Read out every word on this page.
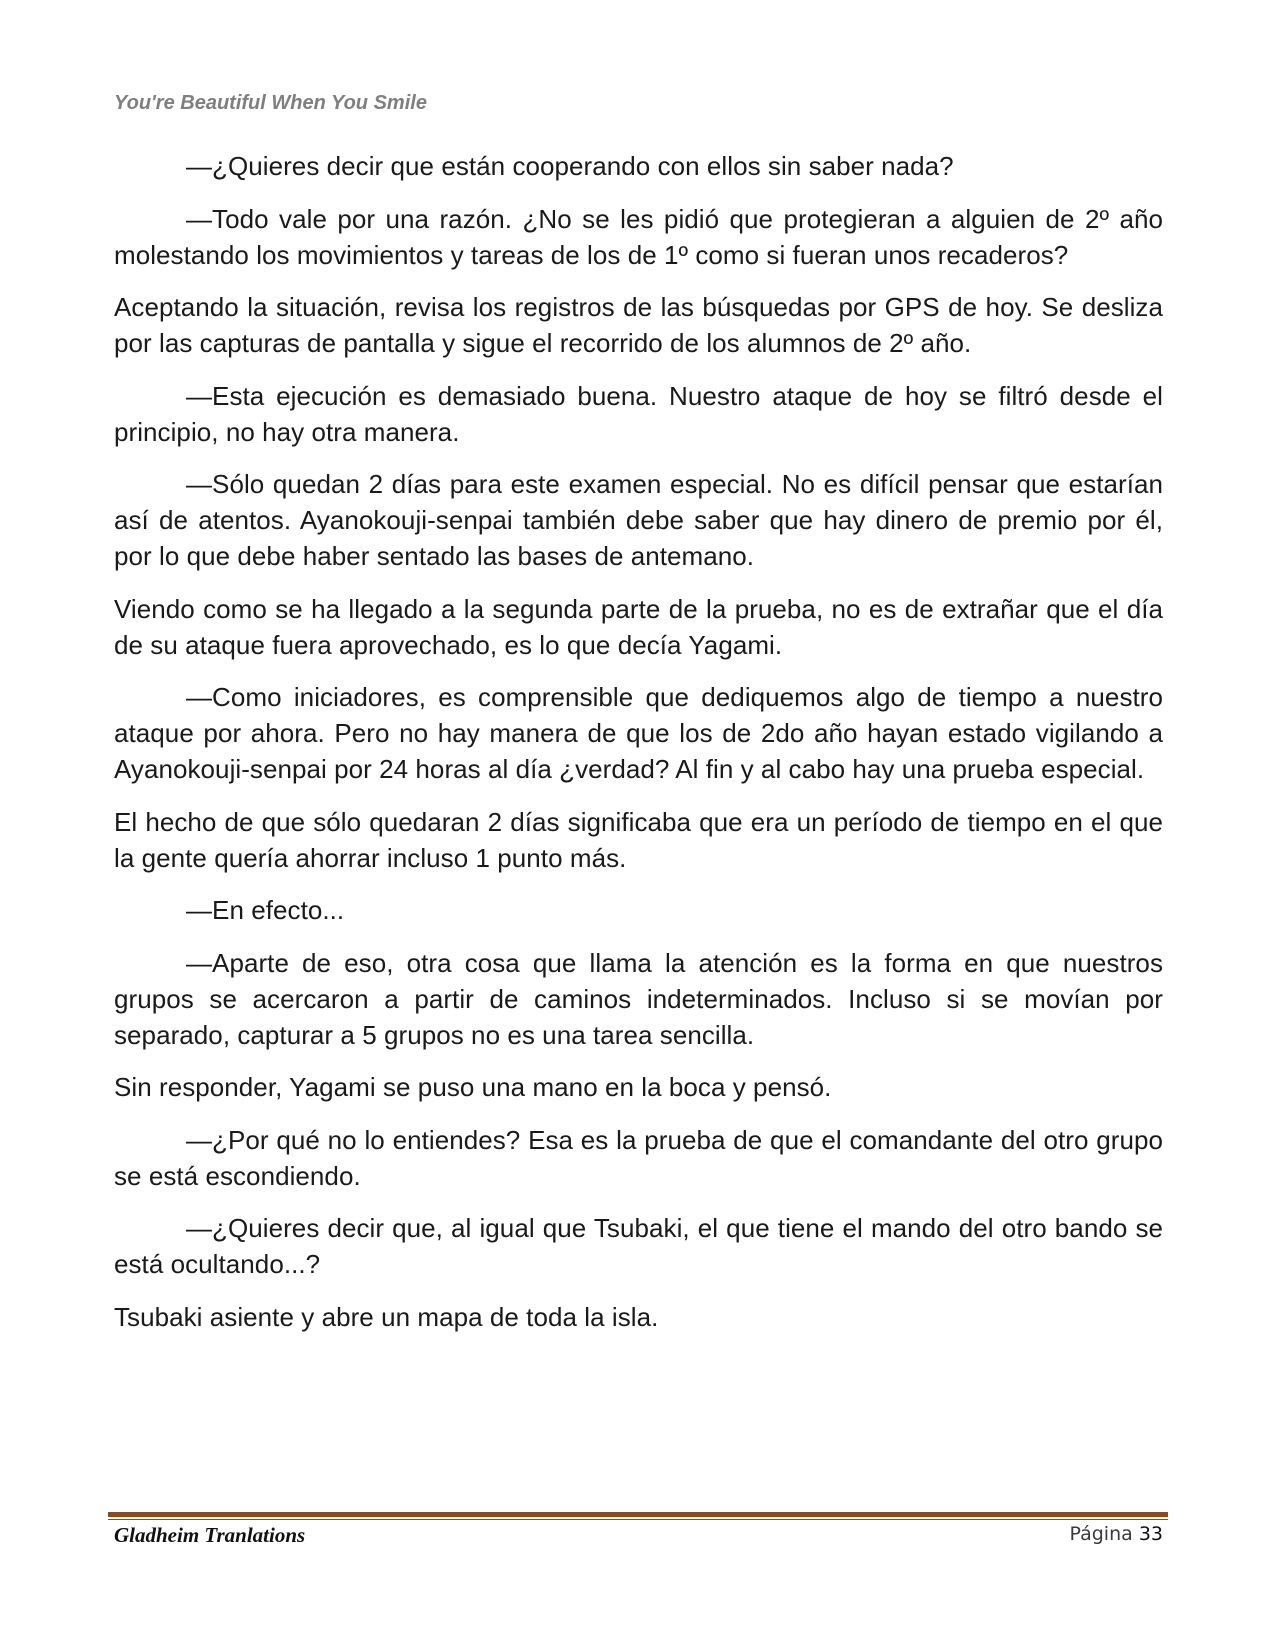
You're Beautiful When You Smile

—¿Quieres decir que están cooperando con ellos sin saber nada?

—Todo vale por una razón. ¿No se les pidió que protegieran a alguien de 2º año molestando los movimientos y tareas de los de 1º como si fueran unos recaderos?

Aceptando la situación, revisa los registros de las búsquedas por GPS de hoy. Se desliza por las capturas de pantalla y sigue el recorrido de los alumnos de 2º año.

—Esta ejecución es demasiado buena. Nuestro ataque de hoy se filtró desde el principio, no hay otra manera.

—Sólo quedan 2 días para este examen especial. No es difícil pensar que estarían así de atentos. Ayanokouji-senpai también debe saber que hay dinero de premio por él, por lo que debe haber sentado las bases de antemano.

Viendo como se ha llegado a la segunda parte de la prueba, no es de extrañar que el día de su ataque fuera aprovechado, es lo que decía Yagami.

—Como iniciadores, es comprensible que dediquemos algo de tiempo a nuestro ataque por ahora. Pero no hay manera de que los de 2do año hayan estado vigilando a Ayanokouji-senpai por 24 horas al día ¿verdad? Al fin y al cabo hay una prueba especial.

El hecho de que sólo quedaran 2 días significaba que era un período de tiempo en el que la gente quería ahorrar incluso 1 punto más.

—En efecto...

—Aparte de eso, otra cosa que llama la atención es la forma en que nuestros grupos se acercaron a partir de caminos indeterminados. Incluso si se movían por separado, capturar a 5 grupos no es una tarea sencilla.

Sin responder, Yagami se puso una mano en la boca y pensó.

—¿Por qué no lo entiendes? Esa es la prueba de que el comandante del otro grupo se está escondiendo.

—¿Quieres decir que, al igual que Tsubaki, el que tiene el mando del otro bando se está ocultando...?

Tsubaki asiente y abre un mapa de toda la isla.

Gladheim Tranlations	Página 33
